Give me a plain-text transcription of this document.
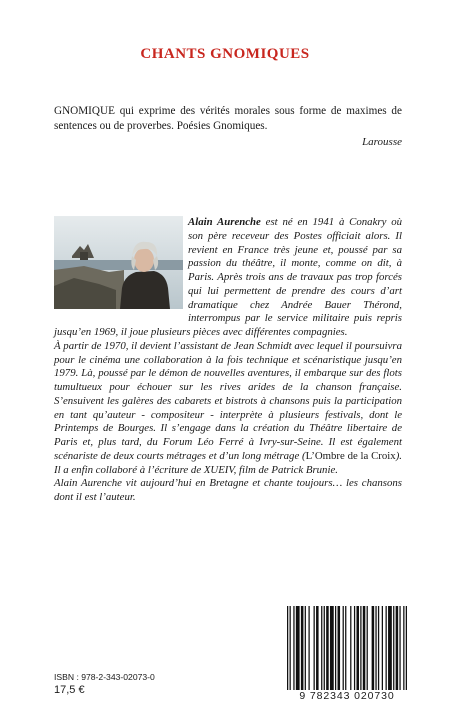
CHANTS GNOMIQUES
GNOMIQUE qui exprime des vérités morales sous forme de maximes de sentences ou de proverbes. Poésies Gnomiques.
Larousse

Alain Aurenche est né en 1941 à Conakry où son père receveur des Postes officiait alors. Il revient en France très jeune et, poussé par sa passion du théâtre, il monte, comme on dit, à Paris. Après trois ans de travaux pas trop forcés qui lui permettent de prendre des cours d’art dramatique chez Andrée Bauer Thérond, interrompus par le service militaire puis repris jusqu’en 1969, il joue plusieurs pièces avec différentes compagnies.

À partir de 1970, il devient l’assistant de Jean Schmidt avec lequel il poursuivra pour le cinéma une collaboration à la fois technique et scénaristique jusqu’en 1979. Là, poussé par le démon de nouvelles aventures, il embarque sur des flots tumultueux pour échouer sur les rives arides de la chanson française. S’ensuivent les galères des cabarets et bistrots à chansons puis la participation en tant qu’auteur - compositeur - interprète à plusieurs festivals, dont le Printemps de Bourges. Il s’engage dans la création du Théâtre libertaire de Paris et, plus tard, du Forum Léo Ferré à Ivry-sur-Seine. Il est également scénariste de deux courts métrages et d’un long métrage (L’Ombre de la Croix). Il a enfin collaboré à l’écriture de XUEIV, film de Patrick Brunie.

Alain Aurenche vit aujourd’hui en Bretagne et chante toujours… les chansons dont il est l’auteur.

ISBN : 978-2-343-02073-0
17,5 €	9 782343 020730
